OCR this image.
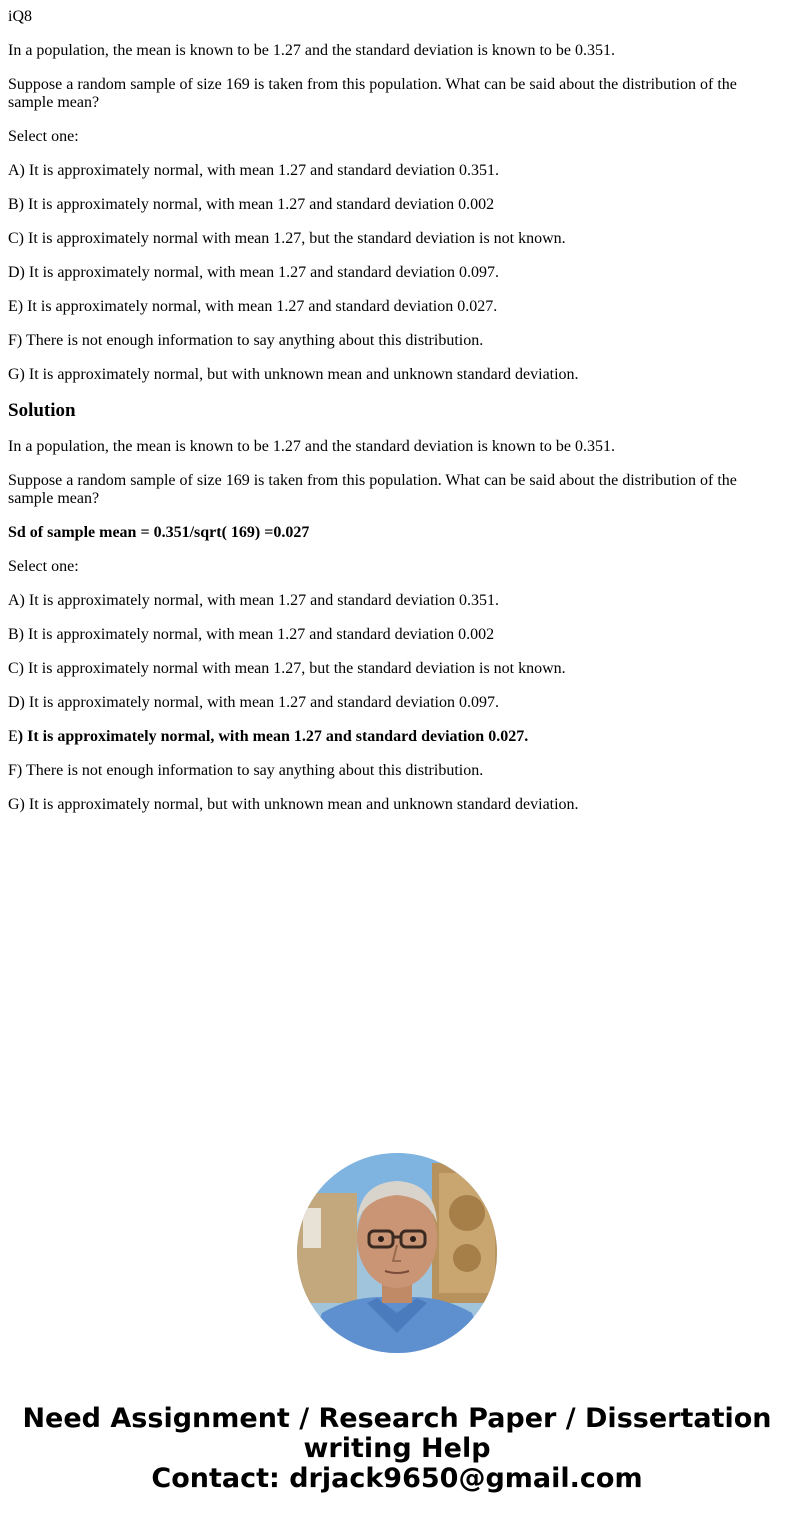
iQ8

In a population, the mean is known to be 1.27 and the standard deviation is known to be 0.351.

Suppose a random sample of size 169 is taken from this population. What can be said about the distribution of the sample mean?

Select one:

A) It is approximately normal, with mean 1.27 and standard deviation 0.351.

B) It is approximately normal, with mean 1.27 and standard deviation 0.002

C) It is approximately normal with mean 1.27, but the standard deviation is not known.

D) It is approximately normal, with mean 1.27 and standard deviation 0.097.

E) It is approximately normal, with mean 1.27 and standard deviation 0.027.

F) There is not enough information to say anything about this distribution.

G) It is approximately normal, but with unknown mean and unknown standard deviation.

Solution

In a population, the mean is known to be 1.27 and the standard deviation is known to be 0.351.

Suppose a random sample of size 169 is taken from this population. What can be said about the distribution of the sample mean?

Sd of sample mean = 0.351/sqrt( 169) =0.027

Select one:

A) It is approximately normal, with mean 1.27 and standard deviation 0.351.

B) It is approximately normal, with mean 1.27 and standard deviation 0.002

C) It is approximately normal with mean 1.27, but the standard deviation is not known.

D) It is approximately normal, with mean 1.27 and standard deviation 0.097.

E) It is approximately normal, with mean 1.27 and standard deviation 0.027.

F) There is not enough information to say anything about this distribution.

G) It is approximately normal, but with unknown mean and unknown standard deviation.

Need Assignment / Research Paper / Dissertation
writing Help
Contact: drjack9650@gmail.com
